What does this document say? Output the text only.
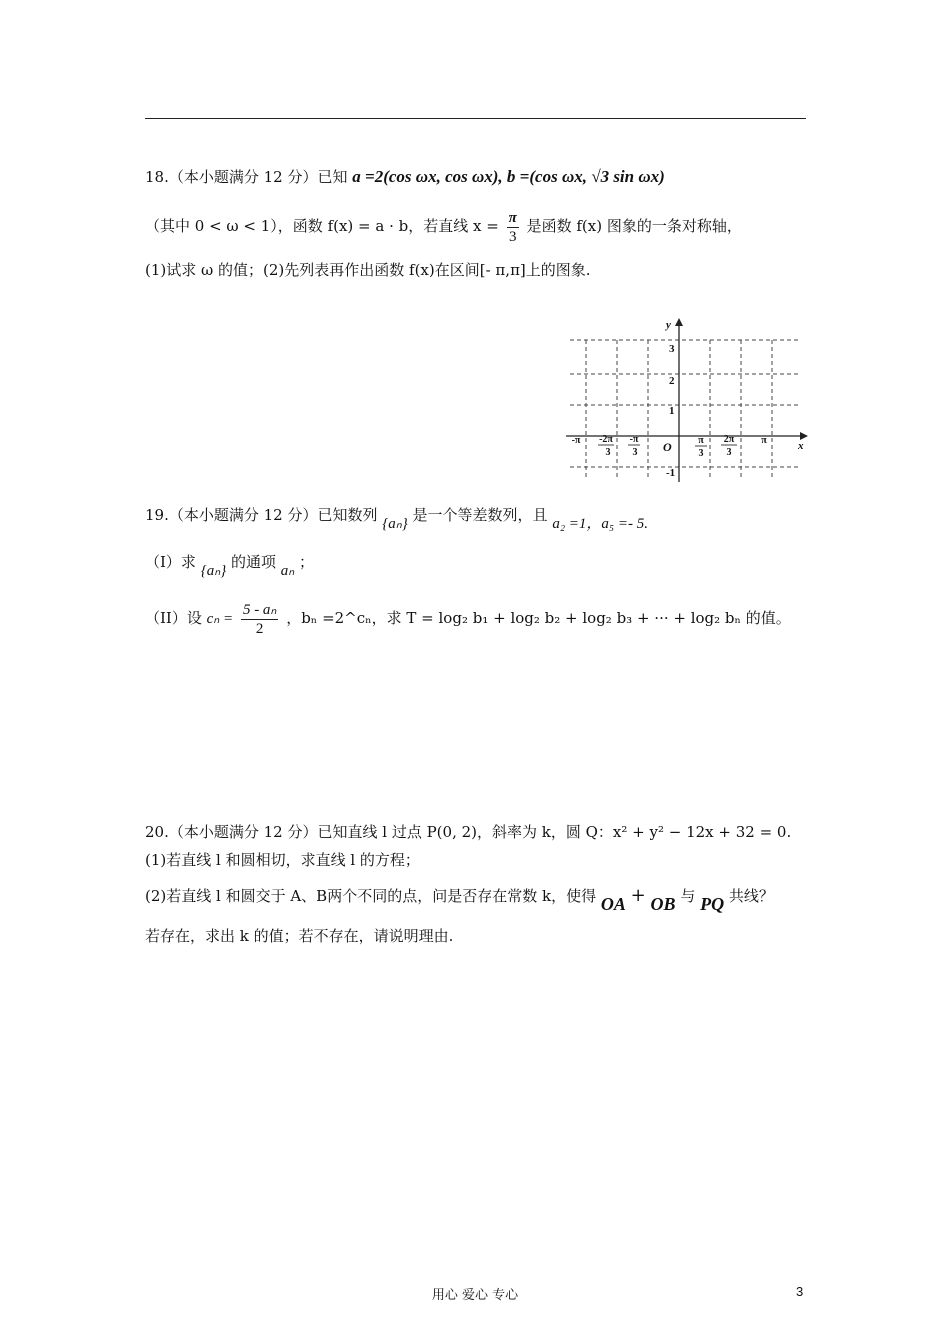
18.（本小题满分 12 分）已知 a =2(cos ωx, cos ωx), b =(cos ωx, √3 sin ωx)
（其中 0 < ω < 1），函数 f(x) = a · b，若直线 $x = \frac{\pi}{3}$ 是函数 f(x) 图象的一条对称轴，
(1)试求 ω 的值；(2)先列表再作出函数 f(x)在区间[- π,π]上的图象.
y
x
O
3
2
1
-1
-π -2π
3
-π
3
π
3
2π
3
π
19.（本小题满分 12 分）已知数列 {aₙ} 是一个等差数列，且 a₂ =1，a₅ =- 5.
（I）求 {aₙ} 的通项 aₙ ；
（II）设 $c_n = \frac{\text{5 - aₙ}}{2}$ ，bₙ =2^cₙ，求 T = log₂ b₁ + log₂ b₂ + log₂ b₃ + ··· + log₂ bₙ 的值。
20.（本小题满分 12 分）已知直线 l 过点 P(0, 2)，斜率为 k，圆 Q：x² + y² − 12x + 32 = 0.
(1)若直线 l 和圆相切，求直线 l 的方程；
(2)若直线 l 和圆交于 A、B两个不同的点，问是否存在常数 k，使得 OA + OB 与 PQ 共线？
若存在，求出 k 的值；若不存在，请说明理由.
用心 爱心 专心	3
